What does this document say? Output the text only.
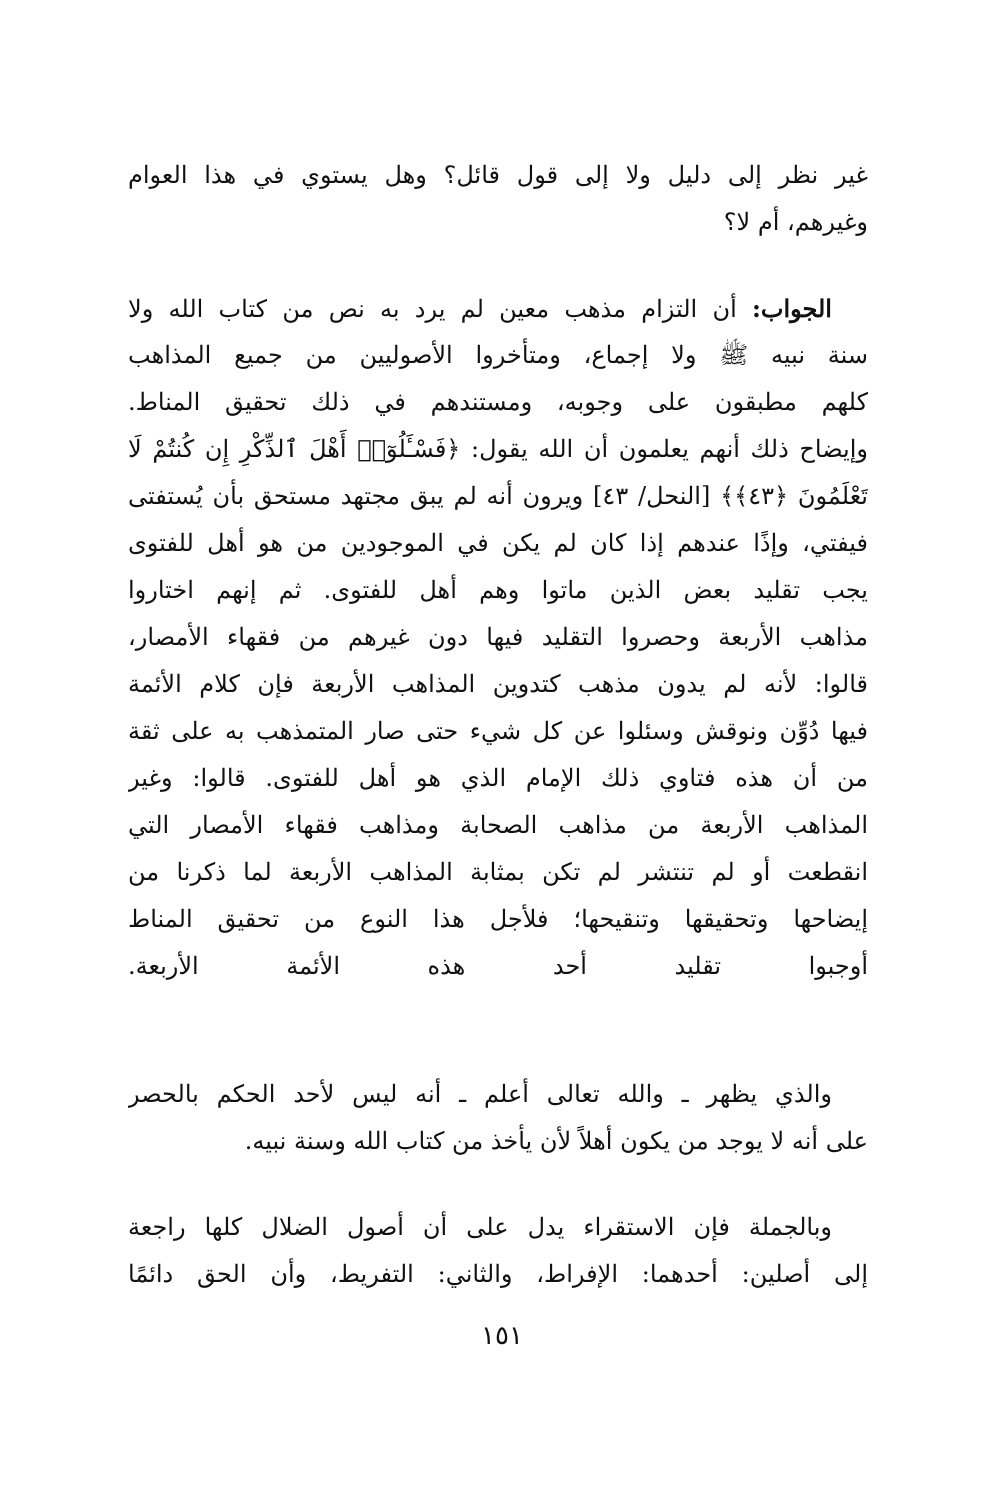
غير نظر إلى دليل ولا إلى قول قائل؟ وهل يستوي في هذا العوام
وغيرهم، أم لا؟
الجواب: أن التزام مذهب معين لم يرد به نص من كتاب الله ولا
سنة نبيه ﷺ ولا إجماع، ومتأخروا الأصوليين من جميع المذاهب
كلهم مطبقون على وجوبه، ومستندهم في ذلك تحقيق المناط.
وإيضاح ذلك أنهم يعلمون أن الله يقول: ﴿فَسْـَٔلُوٓا۟ أَهْلَ ٱلذِّكْرِ إِن كُنتُمْ لَا
تَعْلَمُونَ ﴿٤٣﴾﴾ [النحل/ ٤٣] ويرون أنه لم يبق مجتهد مستحق بأن يُستفتى
فيفتي، وإذًا عندهم إذا كان لم يكن في الموجودين من هو أهل للفتوى
يجب تقليد بعض الذين ماتوا وهم أهل للفتوى. ثم إنهم اختاروا
مذاهب الأربعة وحصروا التقليد فيها دون غيرهم من فقهاء الأمصار،
قالوا: لأنه لم يدون مذهب كتدوين المذاهب الأربعة فإن كلام الأئمة
فيها دُوِّن ونوقش وسئلوا عن كل شيء حتى صار المتمذهب به على ثقة
من أن هذه فتاوي ذلك الإمام الذي هو أهل للفتوى. قالوا: وغير
المذاهب الأربعة من مذاهب الصحابة ومذاهب فقهاء الأمصار التي
انقطعت أو لم تنتشر لم تكن بمثابة المذاهب الأربعة لما ذكرنا من
إيضاحها وتحقيقها وتنقيحها؛ فلأجل هذا النوع من تحقيق المناط
أوجبوا تقليد أحد هذه الأئمة الأربعة.
والذي يظهر ـ والله تعالى أعلم ـ أنه ليس لأحد الحكم بالحصر
على أنه لا يوجد من يكون أهلاً لأن يأخذ من كتاب الله وسنة نبيه.
وبالجملة فإن الاستقراء يدل على أن أصول الضلال كلها راجعة
إلى أصلين: أحدهما: الإفراط، والثاني: التفريط، وأن الحق دائمًا
١٥١
